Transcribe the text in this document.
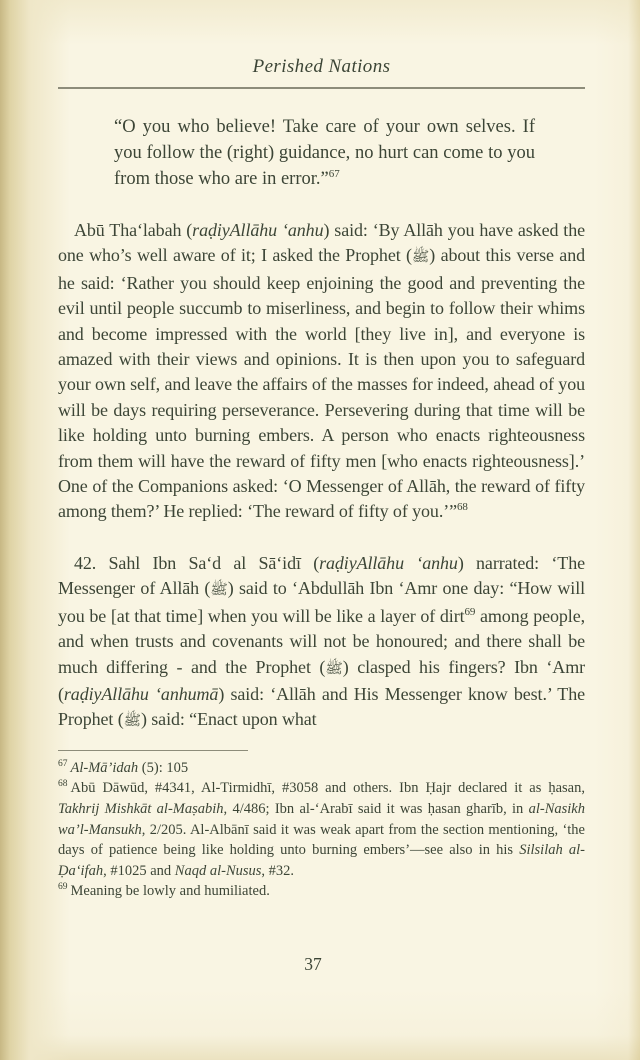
Perished Nations
“O you who believe! Take care of your own selves. If you follow the (right) guidance, no hurt can come to you from those who are in error.”$^{67}$

Abū Tha‘labah (raḍiyAllāhu ‘anhu) said: ‘By Allāh you have asked the one who’s well aware of it; I asked the Prophet (ﷺ) about this verse and he said: ‘Rather you should keep enjoining the good and preventing the evil until people succumb to miserliness, and begin to follow their whims and become impressed with the world [they live in], and everyone is amazed with their views and opinions. It is then upon you to safeguard your own self, and leave the affairs of the masses for indeed, ahead of you will be days requiring perseverance. Persevering during that time will be like holding unto burning embers. A person who enacts righteousness from them will have the reward of fifty men [who enacts righteousness].’ One of the Companions asked: ‘O Messenger of Allāh, the reward of fifty among them?’ He replied: ‘The reward of fifty of you.’”$^{68}$

42. Sahl Ibn Sa‘d al Sā‘idī (raḍiyAllāhu ‘anhu) narrated: ‘The Messenger of Allāh (ﷺ) said to ‘Abdullāh Ibn ‘Amr one day: “How will you be [at that time] when you will be like a layer of dirt$^{69}$ among people, and when trusts and covenants will not be honoured; and there shall be much differing - and the Prophet (ﷺ) clasped his fingers? Ibn ‘Amr (raḍiyAllāhu ‘anhumā) said: ‘Allāh and His Messenger know best.’ The Prophet (ﷺ) said: “Enact upon what

$^{67}$ Al-Mā’idah (5): 105
$^{68}$ Abū Dāwūd, #4341, Al-Tirmidhī, #3058 and others. Ibn Ḥajr declared it as ḥasan, Takhrij Mishkāt al-Maṣabih, 4/486; Ibn al-‘Arabī said it was ḥasan gharīb, in al-Nasikh wa’l-Mansukh, 2/205. Al-Albānī said it was weak apart from the section mentioning, ‘the days of patience being like holding unto burning embers’—see also in his Silsilah al-Ḍa‘ifah, #1025 and Naqd al-Nusus, #32.
$^{69}$ Meaning be lowly and humiliated.
37
